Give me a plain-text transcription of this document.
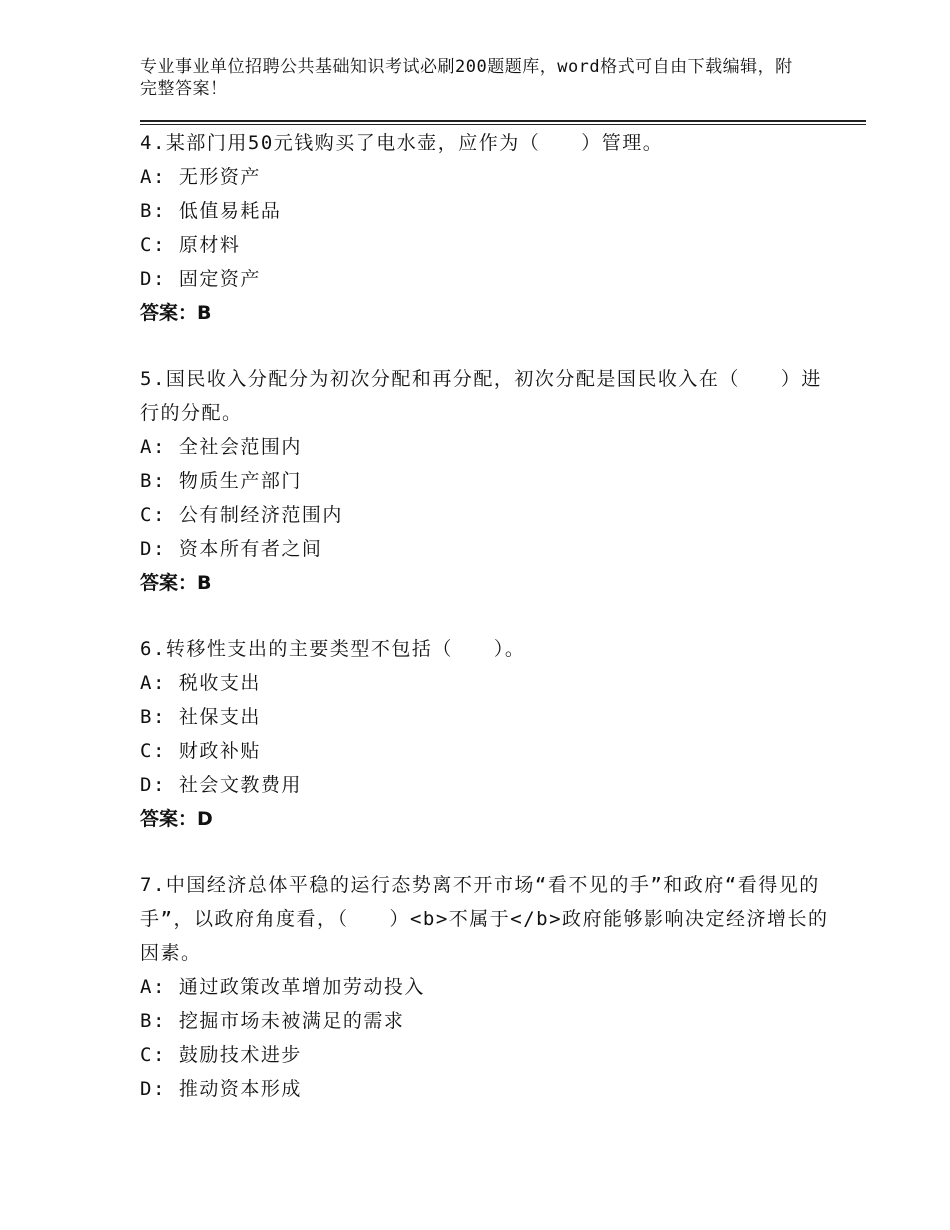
专业事业单位招聘公共基础知识考试必刷200题题库，word格式可自由下载编辑，附完整答案！
4.某部门用50元钱购买了电水壶，应作为（　　）管理。
A: 无形资产
B: 低值易耗品
C: 原材料
D: 固定资产
答案：B
5.国民收入分配分为初次分配和再分配，初次分配是国民收入在（　　）进行的分配。
A: 全社会范围内
B: 物质生产部门
C: 公有制经济范围内
D: 资本所有者之间
答案：B
6.转移性支出的主要类型不包括（　　）。
A: 税收支出
B: 社保支出
C: 财政补贴
D: 社会文教费用
答案：D
7.中国经济总体平稳的运行态势离不开市场“看不见的手”和政府“看得见的手”，以政府角度看，（　　）<b>不属于</b>政府能够影响决定经济增长的因素。
A: 通过政策改革增加劳动投入
B: 挖掘市场未被满足的需求
C: 鼓励技术进步
D: 推动资本形成
